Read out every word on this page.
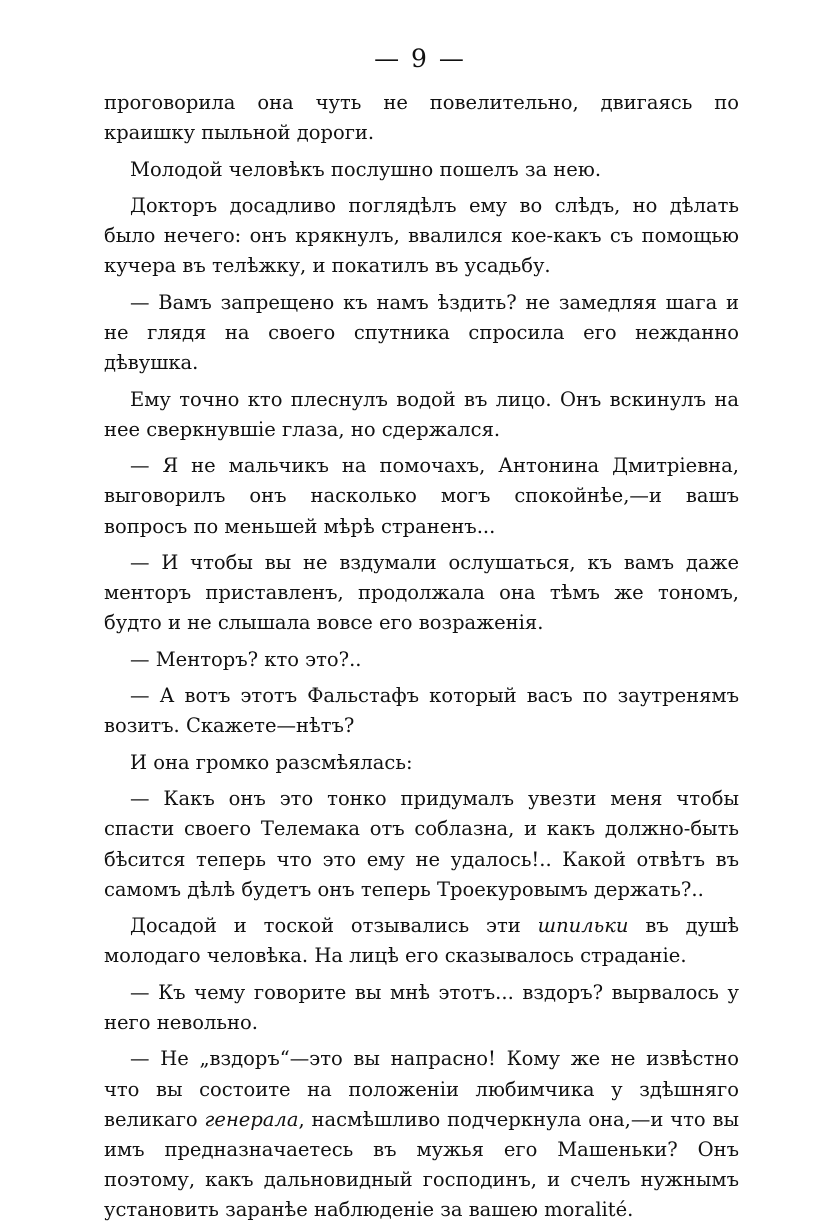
— 9 —

проговорила она чуть не повелительно, двигаясь по краишку пыльной дороги.

Молодой человѣкъ послушно пошелъ за нею.

Докторъ досадливо поглядѣлъ ему во слѣдъ, но дѣлать было нечего: онъ крякнулъ, ввалился кое-какъ съ помощью кучера въ телѣжку, и покатилъ въ усадьбу.

— Вамъ запрещено къ намъ ѣздить? не замедляя шага и не глядя на своего спутника спросила его нежданно дѣвушка.

Ему точно кто плеснулъ водой въ лицо. Онъ вскинулъ на нее сверкнувшіе глаза, но сдержался.

— Я не мальчикъ на помочахъ, Антонина Дмитріевна, выговорилъ онъ насколько могъ спокойнѣе,—и вашъ вопросъ по меньшей мѣрѣ страненъ...

— И чтобы вы не вздумали ослушаться, къ вамъ даже менторъ приставленъ, продолжала она тѣмъ же тономъ, будто и не слышала вовсе его возраженія.

— Менторъ? кто это?..

— А вотъ этотъ Фальстафъ который васъ по заутренямъ возитъ. Скажете—нѣтъ?

И она громко разсмѣялась:

— Какъ онъ это тонко придумалъ увезти меня чтобы спасти своего Телемака отъ соблазна, и какъ должно-быть бѣсится теперь что это ему не удалось!.. Какой отвѣтъ въ самомъ дѣлѣ будетъ онъ теперь Троекуровымъ держать?..

Досадой и тоской отзывались эти шпильки въ душѣ молодаго человѣка. На лицѣ его сказывалось страданіе.

— Къ чему говорите вы мнѣ этотъ... вздоръ? вырвалось у него невольно.

— Не „вздоръ“—это вы напрасно! Кому же не извѣстно что вы состоите на положеніи любимчика у здѣшняго великаго генерала, насмѣшливо подчеркнула она,—и что вы имъ предназначаетесь въ мужья его Машеньки? Онъ поэтому, какъ дальновидный господинъ, и счелъ нужнымъ установить заранѣе наблюденіе за вашею moralité.
